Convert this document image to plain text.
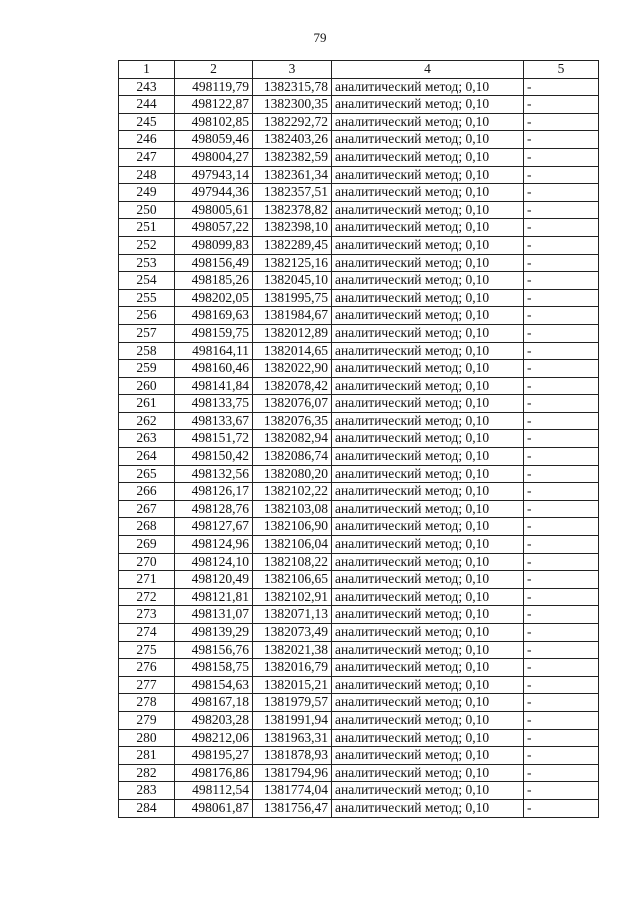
79
1	2	3	4	5
243	498119,79	1382315,78	аналитический метод; 0,10	-
244	498122,87	1382300,35	аналитический метод; 0,10	-
245	498102,85	1382292,72	аналитический метод; 0,10	-
246	498059,46	1382403,26	аналитический метод; 0,10	-
247	498004,27	1382382,59	аналитический метод; 0,10	-
248	497943,14	1382361,34	аналитический метод; 0,10	-
249	497944,36	1382357,51	аналитический метод; 0,10	-
250	498005,61	1382378,82	аналитический метод; 0,10	-
251	498057,22	1382398,10	аналитический метод; 0,10	-
252	498099,83	1382289,45	аналитический метод; 0,10	-
253	498156,49	1382125,16	аналитический метод; 0,10	-
254	498185,26	1382045,10	аналитический метод; 0,10	-
255	498202,05	1381995,75	аналитический метод; 0,10	-
256	498169,63	1381984,67	аналитический метод; 0,10	-
257	498159,75	1382012,89	аналитический метод; 0,10	-
258	498164,11	1382014,65	аналитический метод; 0,10	-
259	498160,46	1382022,90	аналитический метод; 0,10	-
260	498141,84	1382078,42	аналитический метод; 0,10	-
261	498133,75	1382076,07	аналитический метод; 0,10	-
262	498133,67	1382076,35	аналитический метод; 0,10	-
263	498151,72	1382082,94	аналитический метод; 0,10	-
264	498150,42	1382086,74	аналитический метод; 0,10	-
265	498132,56	1382080,20	аналитический метод; 0,10	-
266	498126,17	1382102,22	аналитический метод; 0,10	-
267	498128,76	1382103,08	аналитический метод; 0,10	-
268	498127,67	1382106,90	аналитический метод; 0,10	-
269	498124,96	1382106,04	аналитический метод; 0,10	-
270	498124,10	1382108,22	аналитический метод; 0,10	-
271	498120,49	1382106,65	аналитический метод; 0,10	-
272	498121,81	1382102,91	аналитический метод; 0,10	-
273	498131,07	1382071,13	аналитический метод; 0,10	-
274	498139,29	1382073,49	аналитический метод; 0,10	-
275	498156,76	1382021,38	аналитический метод; 0,10	-
276	498158,75	1382016,79	аналитический метод; 0,10	-
277	498154,63	1382015,21	аналитический метод; 0,10	-
278	498167,18	1381979,57	аналитический метод; 0,10	-
279	498203,28	1381991,94	аналитический метод; 0,10	-
280	498212,06	1381963,31	аналитический метод; 0,10	-
281	498195,27	1381878,93	аналитический метод; 0,10	-
282	498176,86	1381794,96	аналитический метод; 0,10	-
283	498112,54	1381774,04	аналитический метод; 0,10	-
284	498061,87	1381756,47	аналитический метод; 0,10	-
